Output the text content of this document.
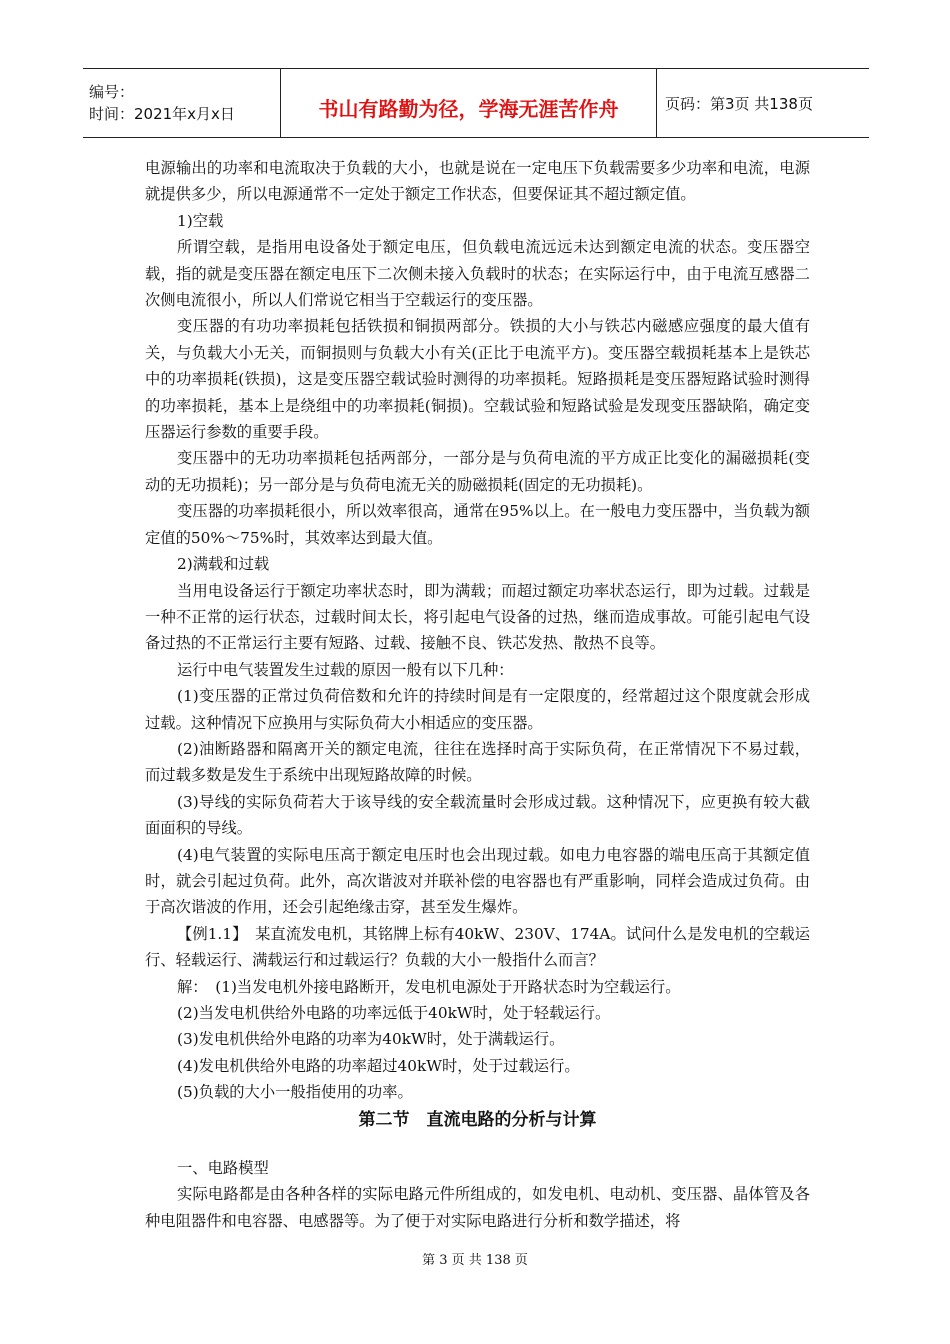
编号：
时间：2021年x月x日	书山有路勤为径，学海无涯苦作舟	页码：第3页 共138页

电源输出的功率和电流取决于负载的大小，也就是说在一定电压下负载需要多少功率和电流，电源就提供多少，所以电源通常不一定处于额定工作状态，但要保证其不超过额定值。

1)空载

所谓空载，是指用电设备处于额定电压，但负载电流远远未达到额定电流的状态。变压器空载，指的就是变压器在额定电压下二次侧未接入负载时的状态；在实际运行中，由于电流互感器二次侧电流很小，所以人们常说它相当于空载运行的变压器。

变压器的有功功率损耗包括铁损和铜损两部分。铁损的大小与铁芯内磁感应强度的最大值有关，与负载大小无关，而铜损则与负载大小有关(正比于电流平方)。变压器空载损耗基本上是铁芯中的功率损耗(铁损)，这是变压器空载试验时测得的功率损耗。短路损耗是变压器短路试验时测得的功率损耗，基本上是绕组中的功率损耗(铜损)。空载试验和短路试验是发现变压器缺陷，确定变压器运行参数的重要手段。

变压器中的无功功率损耗包括两部分，一部分是与负荷电流的平方成正比变化的漏磁损耗(变动的无功损耗)；另一部分是与负荷电流无关的励磁损耗(固定的无功损耗)。

变压器的功率损耗很小，所以效率很高，通常在95%以上。在一般电力变压器中，当负载为额定值的50%～75%时，其效率达到最大值。

2)满载和过载

当用电设备运行于额定功率状态时，即为满载；而超过额定功率状态运行，即为过载。过载是一种不正常的运行状态，过载时间太长，将引起电气设备的过热，继而造成事故。可能引起电气设备过热的不正常运行主要有短路、过载、接触不良、铁芯发热、散热不良等。

运行中电气装置发生过载的原因一般有以下几种：

(1)变压器的正常过负荷倍数和允许的持续时间是有一定限度的，经常超过这个限度就会形成过载。这种情况下应换用与实际负荷大小相适应的变压器。

(2)油断路器和隔离开关的额定电流，往往在选择时高于实际负荷，在正常情况下不易过载，而过载多数是发生于系统中出现短路故障的时候。

(3)导线的实际负荷若大于该导线的安全载流量时会形成过载。这种情况下，应更换有较大截面面积的导线。

(4)电气装置的实际电压高于额定电压时也会出现过载。如电力电容器的端电压高于其额定值时，就会引起过负荷。此外，高次谐波对并联补偿的电容器也有严重影响，同样会造成过负荷。由于高次谐波的作用，还会引起绝缘击穿，甚至发生爆炸。

【例1.1】　某直流发电机，其铭牌上标有40kW、230V、174A。试问什么是发电机的空载运行、轻载运行、满载运行和过载运行？负载的大小一般指什么而言？

解：　(1)当发电机外接电路断开，发电机电源处于开路状态时为空载运行。

(2)当发电机供给外电路的功率远低于40kW时，处于轻载运行。

(3)发电机供给外电路的功率为40kW时，处于满载运行。

(4)发电机供给外电路的功率超过40kW时，处于过载运行。

(5)负载的大小一般指使用的功率。

第二节　直流电路的分析与计算

一、电路模型

实际电路都是由各种各样的实际电路元件所组成的，如发电机、电动机、变压器、晶体管及各种电阻器件和电容器、电感器等。为了便于对实际电路进行分析和数学描述，将

第 3 页 共 138 页
